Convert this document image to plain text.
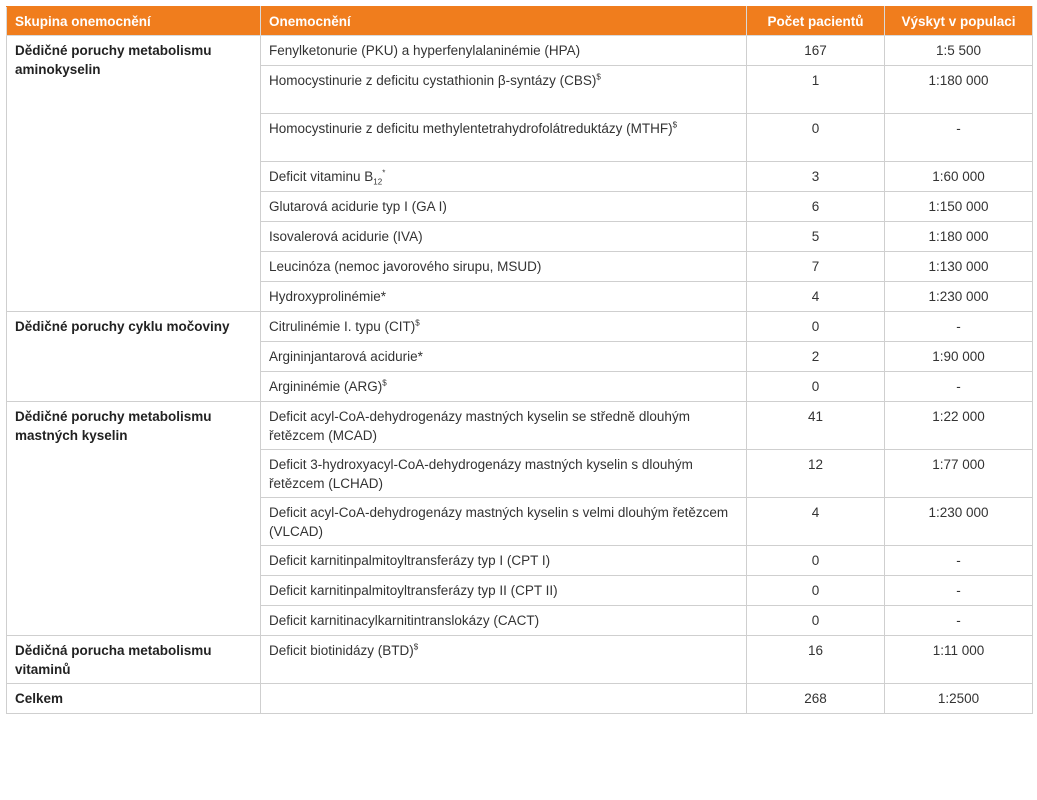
Skupina onemocnění	Onemocnění	Počet pacientů	Výskyt v populaci
Dědičné poruchy metabolismu aminokyselin	Fenylketonurie (PKU) a hyperfenylalaninémie (HPA)	167	1:5 500
	Homocystinurie z deficitu cystathionin β-syntázy (CBS)$	1	1:180 000
	Homocystinurie z deficitu methylentetrahydrofolátreduktázy (MTHF)$	0	-
	Deficit vitaminu $B_{12}^*$	3	1:60 000
	Glutarová acidurie typ I (GA I)	6	1:150 000
	Isovalerová acidurie (IVA)	5	1:180 000
	Leucinóza (nemoc javorového sirupu, MSUD)	7	1:130 000
	Hydroxyprolinémie*	4	1:230 000
Dědičné poruchy cyklu močoviny	Citrulinémie I. typu (CIT)$	0	-
	Argininjantarová acidurie*	2	1:90 000
	Argininémie (ARG)$	0	-
Dědičné poruchy metabolismu mastných kyselin	Deficit acyl-CoA-dehydrogenázy mastných kyselin se středně dlouhým řetězcem (MCAD)	41	1:22 000
	Deficit 3-hydroxyacyl-CoA-dehydrogenázy mastných kyselin s dlouhým řetězcem (LCHAD)	12	1:77 000
	Deficit acyl-CoA-dehydrogenázy mastných kyselin s velmi dlouhým řetězcem (VLCAD)	4	1:230 000
	Deficit karnitinpalmitoyltransferázy typ I (CPT I)	0	-
	Deficit karnitinpalmitoyltransferázy typ II (CPT II)	0	-
	Deficit karnitinacylkarnitintranslokázy (CACT)	0	-
Dědičná porucha metabolismu vitaminů	Deficit biotinidázy (BTD)$	16	1:11 000
Celkem		268	1:2500
